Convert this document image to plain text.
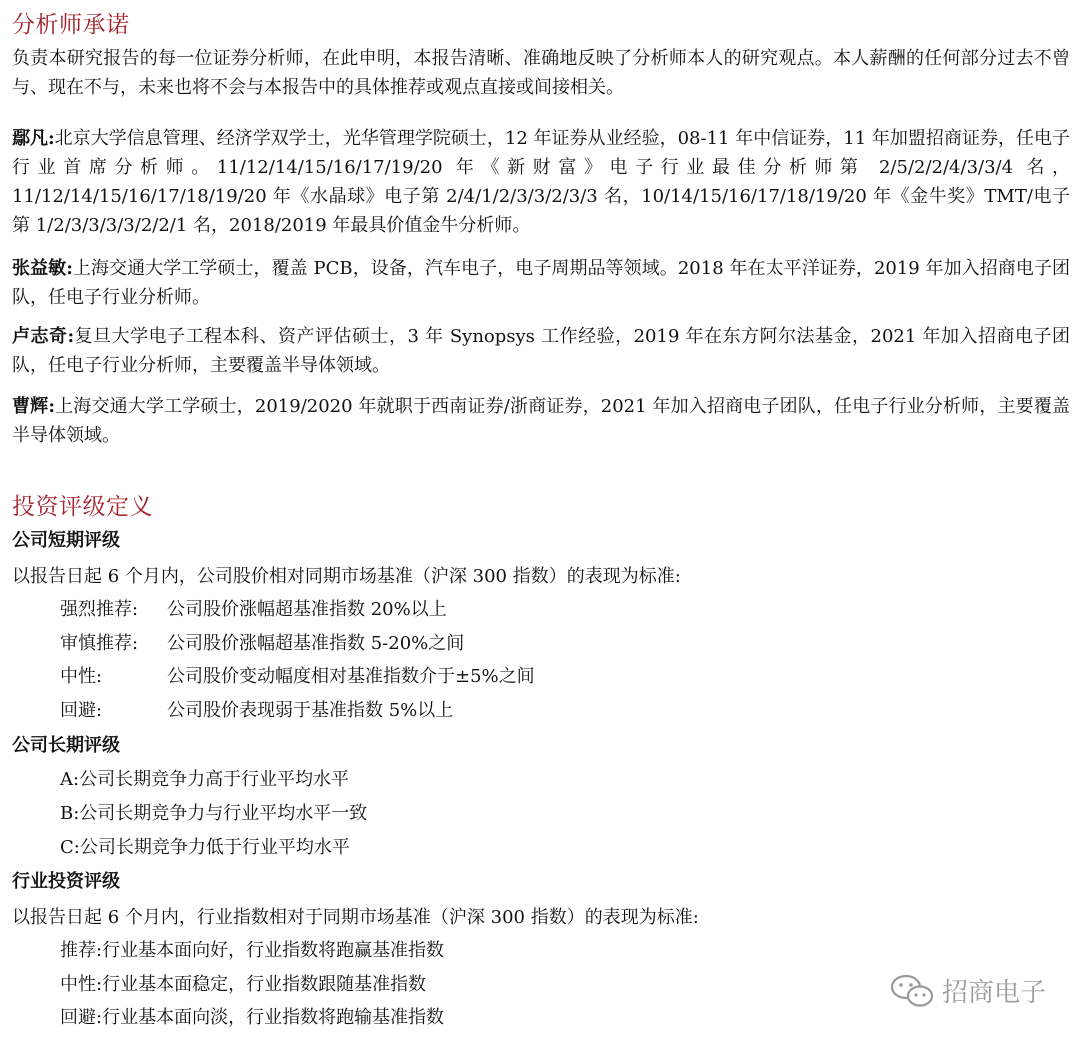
分析师承诺
负责本研究报告的每一位证券分析师，在此申明，本报告清晰、准确地反映了分析师本人的研究观点。本人薪酬的任何部分过去不曾与、现在不与，未来也将不会与本报告中的具体推荐或观点直接或间接相关。
鄢凡:北京大学信息管理、经济学双学士，光华管理学院硕士，12 年证券从业经验，08-11 年中信证券，11 年加盟招商证券，任电子行业首席分析师。11/12/14/15/16/17/19/20 年《新财富》电子行业最佳分析师第 2/5/2/2/4/3/3/4 名，11/12/14/15/16/17/18/19/20 年《水晶球》电子第 2/4/1/2/3/3/2/3/3 名，10/14/15/16/17/18/19/20 年《金牛奖》TMT/电子第 1/2/3/3/3/3/2/2/1 名，2018/2019 年最具价值金牛分析师。
张益敏:上海交通大学工学硕士，覆盖 PCB，设备，汽车电子，电子周期品等领域。2018 年在太平洋证券，2019 年加入招商电子团队，任电子行业分析师。
卢志奇:复旦大学电子工程本科、资产评估硕士，3 年 Synopsys 工作经验，2019 年在东方阿尔法基金，2021 年加入招商电子团队，任电子行业分析师，主要覆盖半导体领域。
曹辉:上海交通大学工学硕士，2019/2020 年就职于西南证券/浙商证券，2021 年加入招商电子团队，任电子行业分析师，主要覆盖半导体领域。
投资评级定义
公司短期评级
以报告日起 6 个月内，公司股价相对同期市场基准（沪深 300 指数）的表现为标准:
强烈推荐: 公司股价涨幅超基准指数 20%以上
审慎推荐: 公司股价涨幅超基准指数 5-20%之间
中性:	公司股价变动幅度相对基准指数介于±5%之间
回避:	公司股价表现弱于基准指数 5%以上
公司长期评级
A:公司长期竞争力高于行业平均水平
B:公司长期竞争力与行业平均水平一致
C:公司长期竞争力低于行业平均水平
行业投资评级
以报告日起 6 个月内，行业指数相对于同期市场基准（沪深 300 指数）的表现为标准:
推荐:行业基本面向好，行业指数将跑赢基准指数
中性:行业基本面稳定，行业指数跟随基准指数
回避:行业基本面向淡，行业指数将跑输基准指数
招商电子
